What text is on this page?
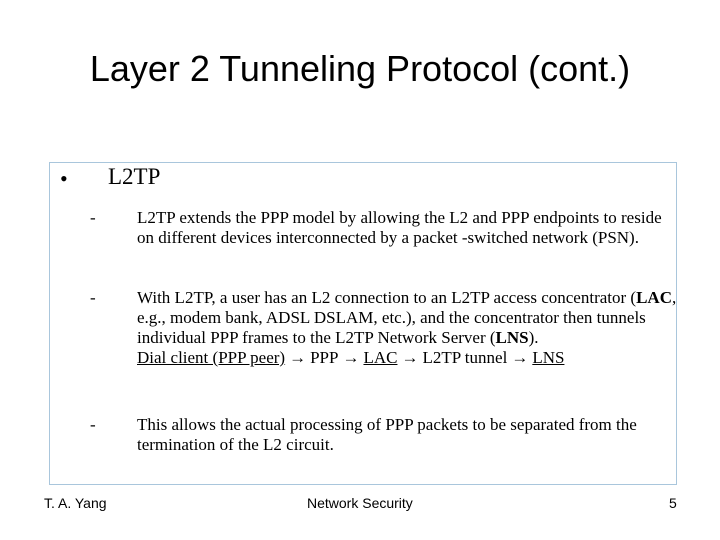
Layer 2 Tunneling Protocol (cont.)
• L2TP
- L2TP extends the PPP model by allowing the L2 and PPP endpoints to reside on different devices interconnected by a packet -switched network (PSN).
- With L2TP, a user has an L2 connection to an L2TP access concentrator (LAC, e.g., modem bank, ADSL DSLAM, etc.), and the concentrator then tunnels individual PPP frames to the L2TP Network Server (LNS).
Dial client (PPP peer) → PPP → LAC → L2TP tunnel → LNS
- This allows the actual processing of PPP packets to be separated from the termination of the L2 circuit.
T. A. Yang	Network Security	5
